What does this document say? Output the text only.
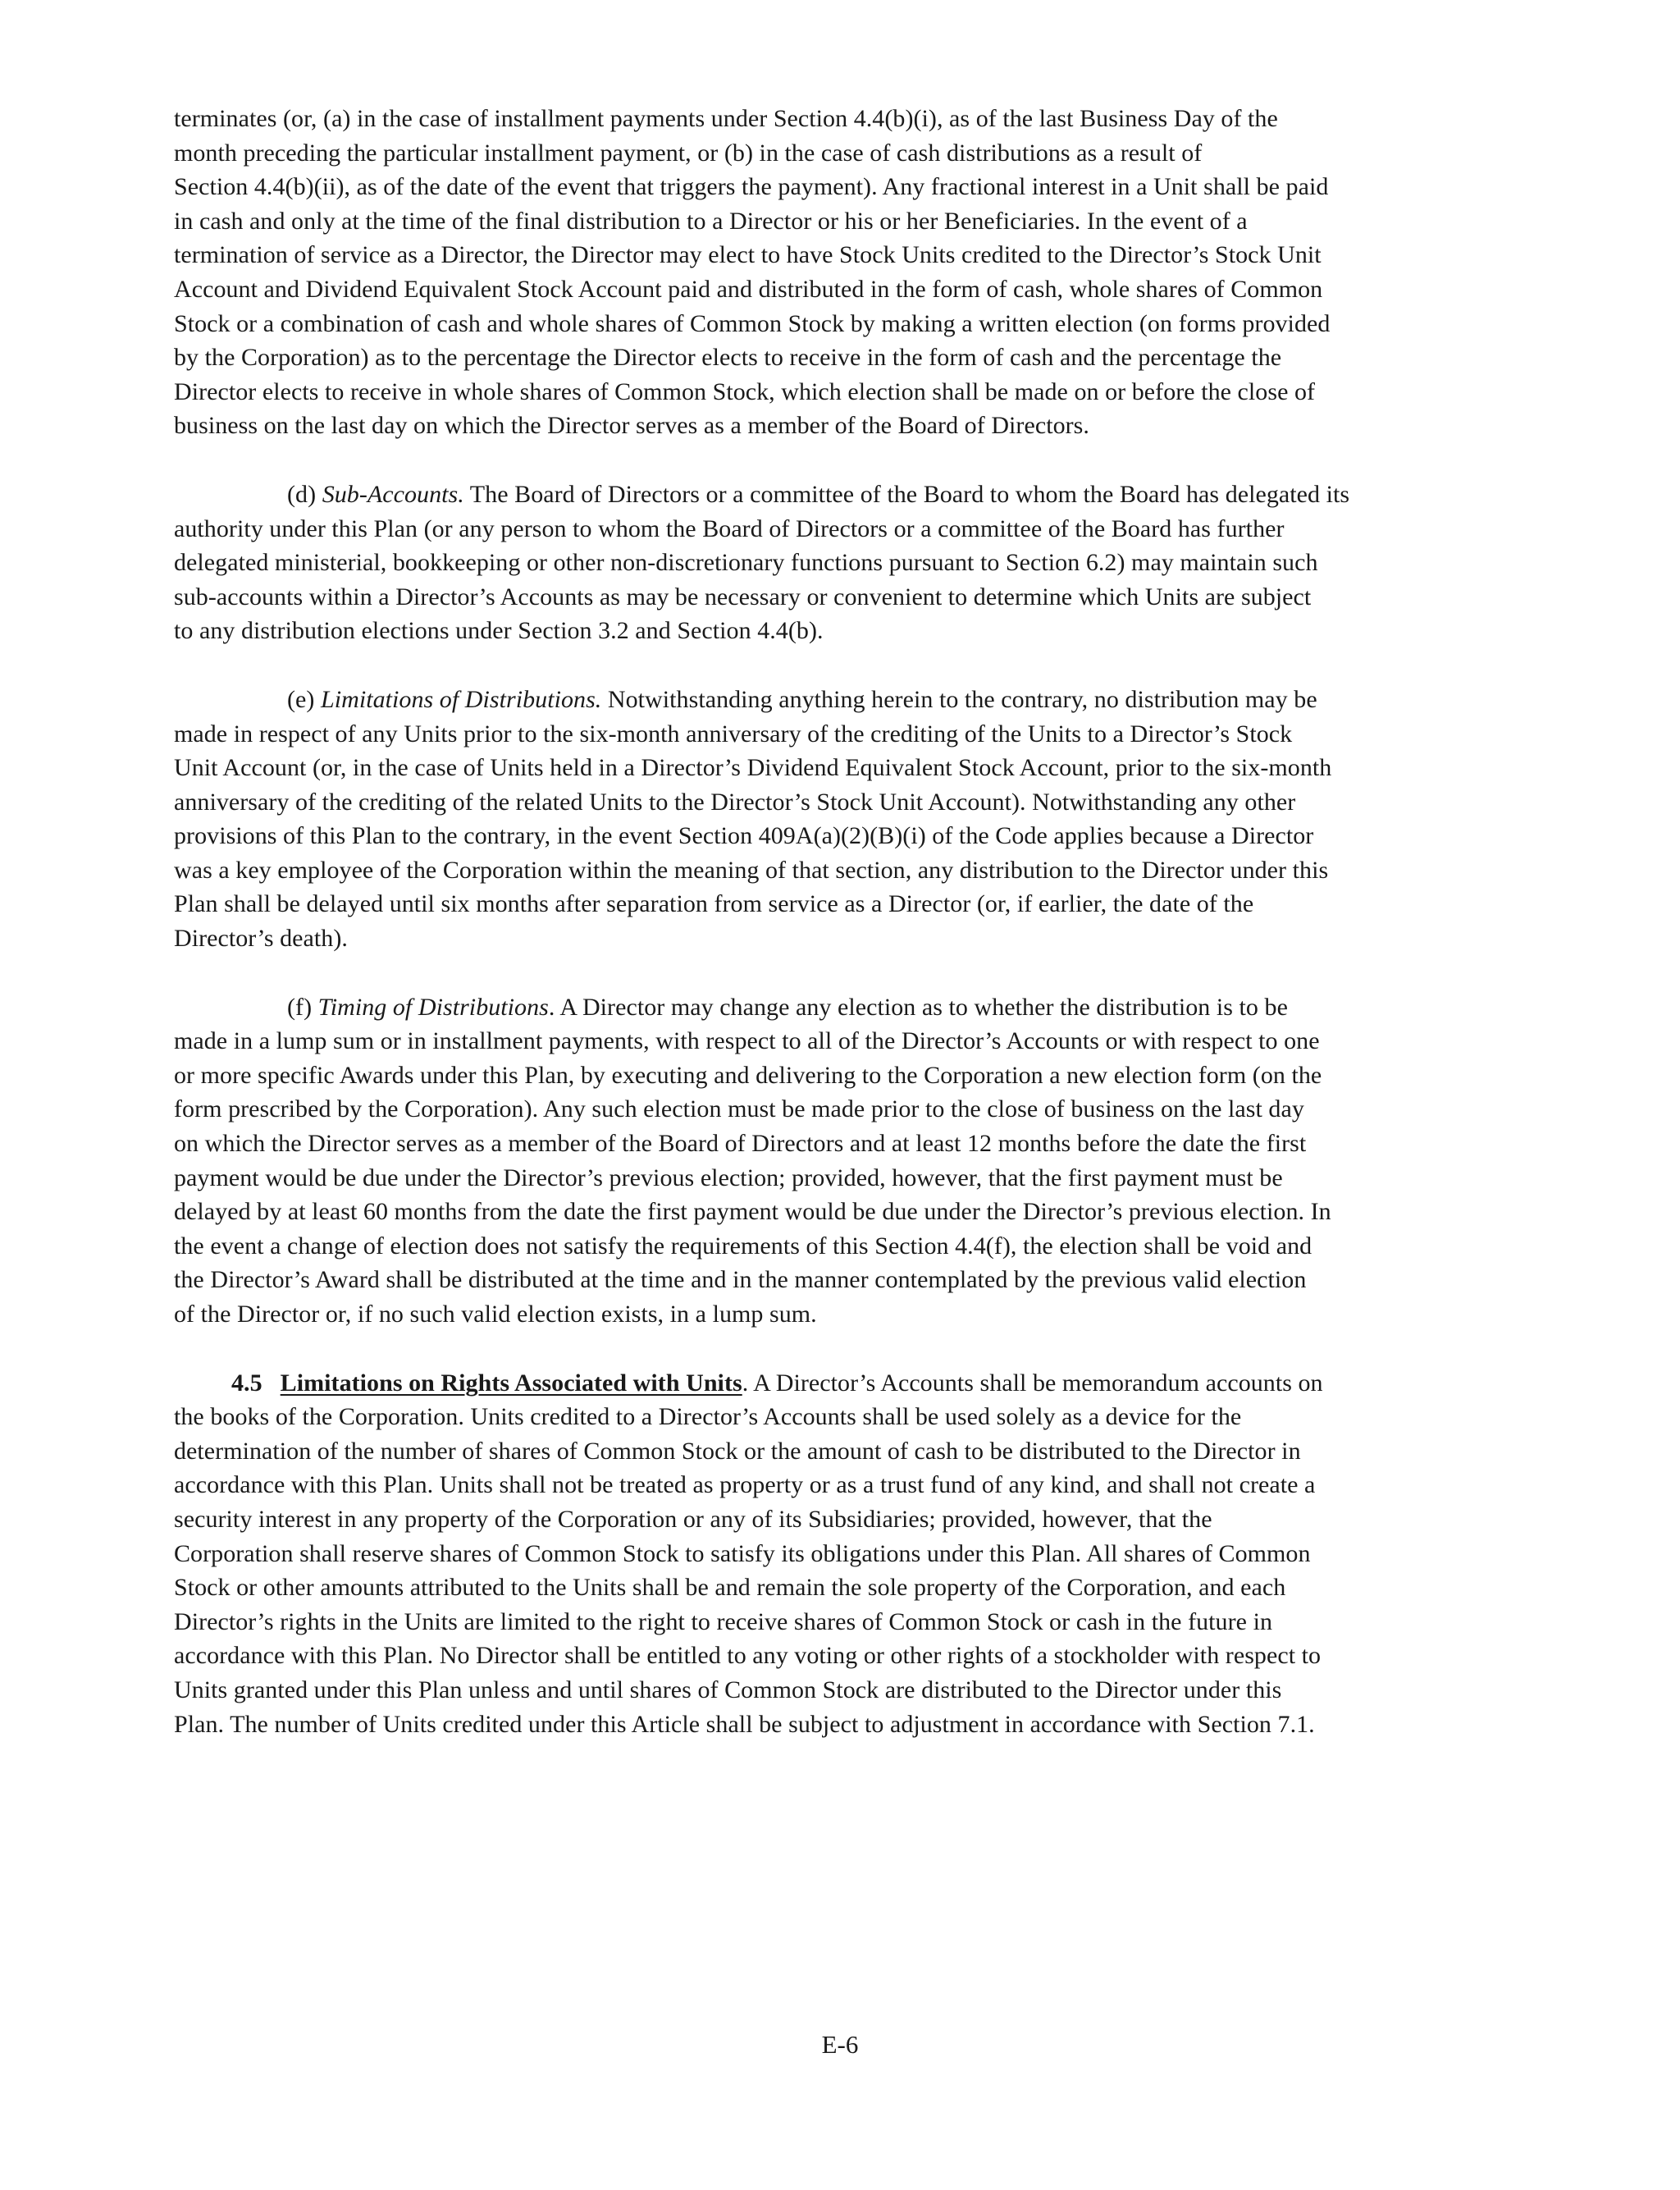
terminates (or, (a) in the case of installment payments under Section 4.4(b)(i), as of the last Business Day of the
month preceding the particular installment payment, or (b) in the case of cash distributions as a result of
Section 4.4(b)(ii), as of the date of the event that triggers the payment). Any fractional interest in a Unit shall be paid
in cash and only at the time of the final distribution to a Director or his or her Beneficiaries. In the event of a
termination of service as a Director, the Director may elect to have Stock Units credited to the Director’s Stock Unit
Account and Dividend Equivalent Stock Account paid and distributed in the form of cash, whole shares of Common
Stock or a combination of cash and whole shares of Common Stock by making a written election (on forms provided
by the Corporation) as to the percentage the Director elects to receive in the form of cash and the percentage the
Director elects to receive in whole shares of Common Stock, which election shall be made on or before the close of
business on the last day on which the Director serves as a member of the Board of Directors.

(d) Sub-Accounts. The Board of Directors or a committee of the Board to whom the Board has delegated its
authority under this Plan (or any person to whom the Board of Directors or a committee of the Board has further
delegated ministerial, bookkeeping or other non-discretionary functions pursuant to Section 6.2) may maintain such
sub-accounts within a Director’s Accounts as may be necessary or convenient to determine which Units are subject
to any distribution elections under Section 3.2 and Section 4.4(b).

(e) Limitations of Distributions. Notwithstanding anything herein to the contrary, no distribution may be
made in respect of any Units prior to the six-month anniversary of the crediting of the Units to a Director’s Stock
Unit Account (or, in the case of Units held in a Director’s Dividend Equivalent Stock Account, prior to the six-month
anniversary of the crediting of the related Units to the Director’s Stock Unit Account). Notwithstanding any other
provisions of this Plan to the contrary, in the event Section 409A(a)(2)(B)(i) of the Code applies because a Director
was a key employee of the Corporation within the meaning of that section, any distribution to the Director under this
Plan shall be delayed until six months after separation from service as a Director (or, if earlier, the date of the
Director’s death).

(f) Timing of Distributions. A Director may change any election as to whether the distribution is to be
made in a lump sum or in installment payments, with respect to all of the Director’s Accounts or with respect to one
or more specific Awards under this Plan, by executing and delivering to the Corporation a new election form (on the
form prescribed by the Corporation). Any such election must be made prior to the close of business on the last day
on which the Director serves as a member of the Board of Directors and at least 12 months before the date the first
payment would be due under the Director’s previous election; provided, however, that the first payment must be
delayed by at least 60 months from the date the first payment would be due under the Director’s previous election. In
the event a change of election does not satisfy the requirements of this Section 4.4(f), the election shall be void and
the Director’s Award shall be distributed at the time and in the manner contemplated by the previous valid election
of the Director or, if no such valid election exists, in a lump sum.

4.5 Limitations on Rights Associated with Units. A Director’s Accounts shall be memorandum accounts on
the books of the Corporation. Units credited to a Director’s Accounts shall be used solely as a device for the
determination of the number of shares of Common Stock or the amount of cash to be distributed to the Director in
accordance with this Plan. Units shall not be treated as property or as a trust fund of any kind, and shall not create a
security interest in any property of the Corporation or any of its Subsidiaries; provided, however, that the
Corporation shall reserve shares of Common Stock to satisfy its obligations under this Plan. All shares of Common
Stock or other amounts attributed to the Units shall be and remain the sole property of the Corporation, and each
Director’s rights in the Units are limited to the right to receive shares of Common Stock or cash in the future in
accordance with this Plan. No Director shall be entitled to any voting or other rights of a stockholder with respect to
Units granted under this Plan unless and until shares of Common Stock are distributed to the Director under this
Plan. The number of Units credited under this Article shall be subject to adjustment in accordance with Section 7.1.

E-6
